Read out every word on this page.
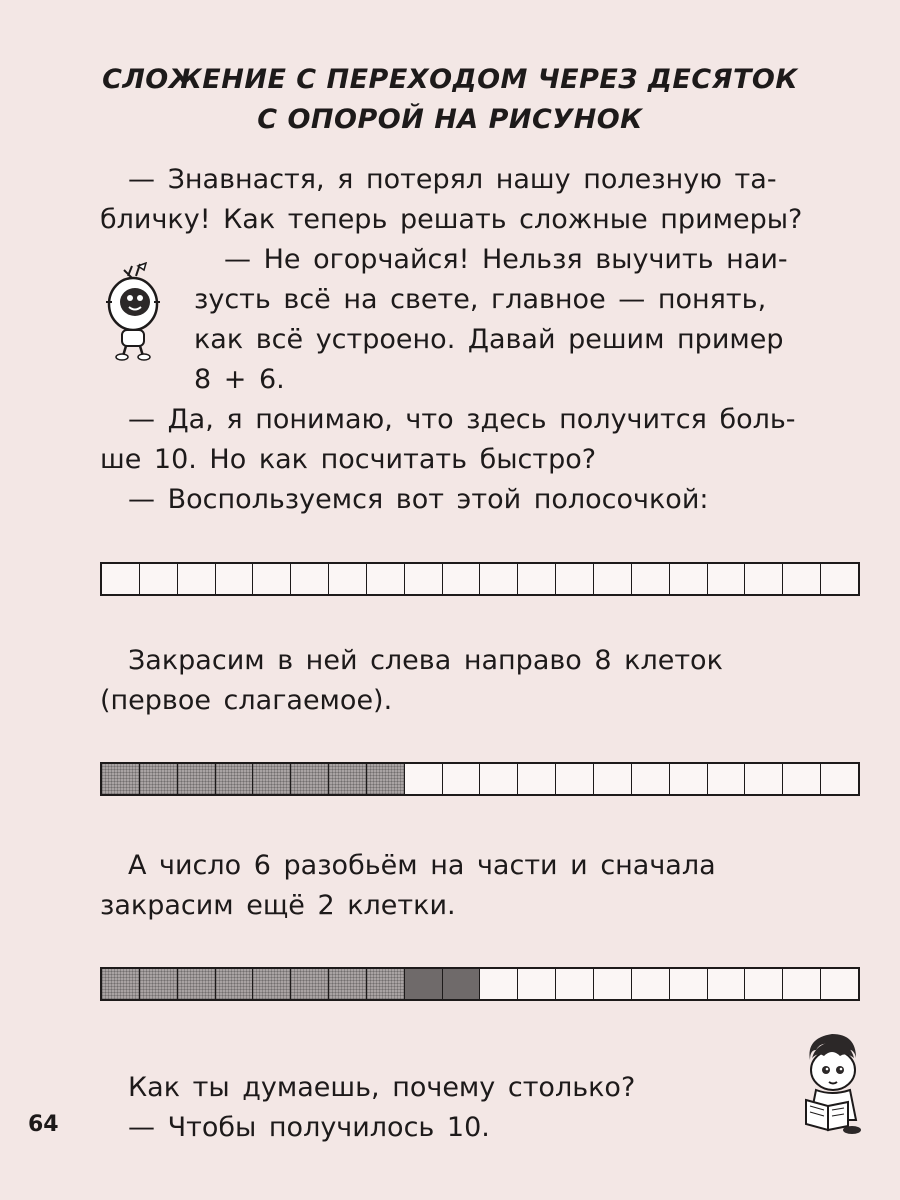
СЛОЖЕНИЕ С ПЕРЕХОДОМ ЧЕРЕЗ ДЕСЯТОК
С ОПОРОЙ НА РИСУНОК
— Знавнастя, я потерял нашу полезную та-
бличку! Как теперь решать сложные примеры?
— Не огорчайся! Нельзя выучить наи-
зусть всё на свете, главное — понять,
как всё устроено. Давай решим пример
8 + 6.
— Да, я понимаю, что здесь получится боль-
ше 10. Но как посчитать быстро?
— Воспользуемся вот этой полосочкой:
Закрасим в ней слева направо 8 клеток
(первое слагаемое).
А число 6 разобьём на части и сначала
закрасим ещё 2 клетки.
Как ты думаешь, почему столько?
— Чтобы получилось 10.
64
